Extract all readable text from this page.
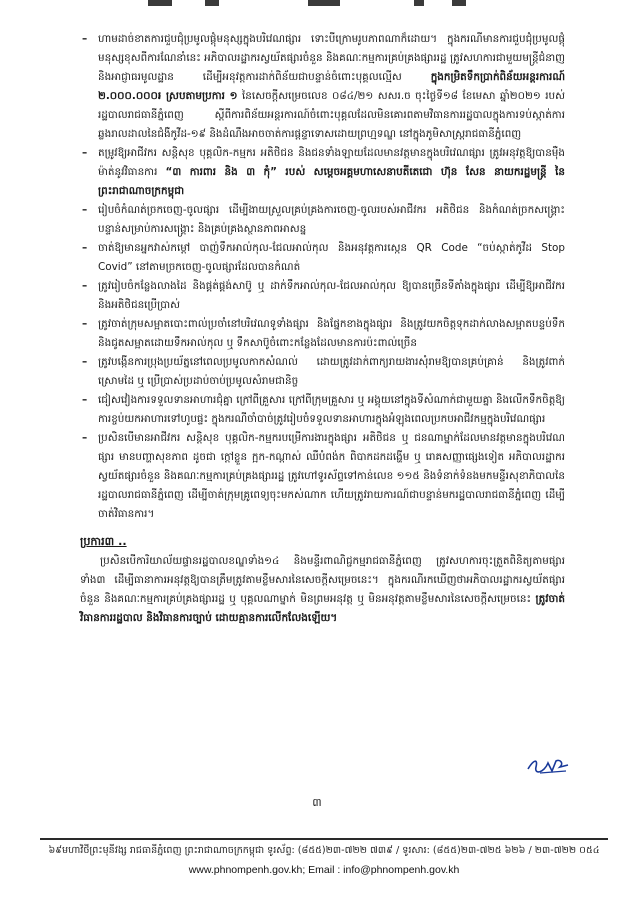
– ហាមដាច់ខាតការជួបជុំប្រមូលផ្តុំមនុស្សក្នុងបរិវេណផ្សារ ទោះបីក្រោមរូបភាពណាក៏ដោយ។ ក្នុងករណីមានការជួបជុំប្រមូលផ្តុំមនុស្សខុសពីការណែនាំនេះ អភិបាលរដ្ឋាករស្វយ័តផ្សារចំនួន និងគណៈកម្មការគ្រប់គ្រងផ្សាររដ្ឋ ត្រូវសហការជាមួយមន្ត្រីជំនាញ និងអាជ្ញាធរមូលដ្ឋាន ដើម្បីអនុវត្តការដាក់ពិន័យជាបន្ទាន់ចំពោះបុគ្គលល្មើស	ក្នុងកម្រិតទឹកប្រាក់ពិន័យអន្តរការណ៍ ២.០០០.០០០៛ ស្របតាមប្រការ ១ នៃសេចក្តីសម្រេចលេខ ០៨៤/២១ សសរ.ច ចុះថ្ងៃទី១៨ ខែមេសា ឆ្នាំ២០២១ របស់រដ្ឋបាលរាជធានីភ្នំពេញ ស្តីពីការពិន័យអន្តរការណ៍ចំពោះបុគ្គលដែលមិនគោរពតាមវិធានការរដ្ឋបាលក្នុងការទប់ស្កាត់ការឆ្លងរាលដាលនៃជំងឺកូវីដ-១៩ និងដំណឹងអាចចាត់ការផ្តន្ទាទោសដោយព្រហ្មទណ្ឌ នៅក្នុងភូមិសាស្ត្ររាជធានីភ្នំពេញ
– តម្រូវឱ្យអាជីវករ សន្តិសុខ បុគ្គលិក-កម្មករ អតិថិជន និងជនទាំងឡាយដែលមានវត្តមានក្នុងបរិវេណផ្សារ ត្រូវអនុវត្តឱ្យបានម៉ឺងម៉ាត់នូវវិធានការ “៣ ការពារ និង ៣ កុំ” របស់ សម្តេចអគ្គមហាសេនាបតីតេជោ ហ៊ុន សែន នាយករដ្ឋមន្ត្រី នៃព្រះរាជាណាចក្រកម្ពុជា
– រៀបចំកំណត់ច្រកចេញ-ចូលផ្សារ ដើម្បីងាយស្រួលគ្រប់គ្រងការចេញ-ចូលរបស់អាជីវករ អតិថិជន និងកំណត់ច្រកសង្គ្រោះបន្ទាន់សម្រាប់ការសង្គ្រោះ និងគ្រប់គ្រងស្ថានភាពអាសន្ន
– ចាត់ឱ្យមានអ្នកវាស់កម្តៅ បាញ់ទឹកអាល់កុល-ជែលអាល់កុល និងអនុវត្តការស្កេន QR Code “ចប់ស្កាត់កូវីដ Stop Covid” នៅតាមច្រកចេញ-ចូលផ្សារដែលបានកំណត់
– ត្រូវរៀបចំកន្លែងលាងដៃ និងផ្គត់ផ្គង់សាប៊ូ ឬ ដាក់ទឹកអាល់កុល-ជែលអាល់កុល ឱ្យបានច្រើនទីតាំងក្នុងផ្សារ ដើម្បីឱ្យអាជីវករ និងអតិថិជនប្រើប្រាស់
– ត្រូវចាត់ក្រុមសម្អាតបោះពាល់ប្រចាំនៅបរិវេណទូទាំងផ្សារ និងផ្នែកខាងក្នុងផ្សារ និងត្រូវយកចិត្តទុកដាក់លាងសម្អាតបន្ទប់ទឹក និងជូតសម្អាតដោយទឹកអាល់កុល ឬ ទឹកសាប៊ូចំពោះកន្លែងដែលមានការប៉ះពាល់ច្រើន
– ត្រូវបង្កើនការប្រុងប្រយ័ត្ននៅពេលប្រមូលកាកសំណល់ ដោយត្រូវដាក់ពាក្យរាយងារសុំរាមឱ្យបានគ្រប់គ្រាន់ និងត្រូវពាក់ស្រោមដៃ ឬ ប្រើប្រាស់ប្រដាប់ចាប់ប្រមូលសំរាមជានិច្ច
– ជៀសវៀងការទទួលទានអាហារជុំគ្នា ក្រៅពីគ្រួសារ ក្រៅពីក្រុមគ្រួសារ ឬ អង្គុយនៅក្នុងទីសំណាក់ជាមួយគ្នា និងលើកទឹកចិត្តឱ្យការខ្ចប់យកអាហារទៅហូបផ្ទះ ក្នុងករណីចាំបាច់ត្រូវរៀបចំទទួលទានអាហារក្នុងអំឡុងពេលប្រកបអាជីវកម្មក្នុងបរិវេណផ្សារ
– ប្រសិនបើមានអាជីវករ សន្តិសុខ បុគ្គលិក-កម្មករបម្រើការងារក្នុងផ្សារ អតិថិជន ឬ ជនណាម្នាក់ដែលមានវត្តមានក្នុងបរិវេណផ្សារ មានបញ្ហាសុខភាព ដូចជា ក្តៅខ្លួន ក្អក-កណ្តាស់ ឈឺបំពង់ក ពិបាកដកដង្ហើម ឬ រោគសញ្ញាផ្សេងទៀត អភិបាលរដ្ឋាករស្វយ័តផ្សារចំនួន និងគណៈកម្មការគ្រប់គ្រងផ្សាររដ្ឋ ត្រូវហៅទូរស័ព្ទទៅកាន់លេខ ១១៥ និងទំនាក់ទំនងមកមន្ទីរសុខាភិបាលនៃរដ្ឋបាលរាជធានីភ្នំពេញ ដើម្បីចាត់ក្រុមគ្រូពេទ្យចុះមកស់ណាក ហើយត្រូវរាយការណ៍ជាបន្ទាន់មករដ្ឋបាលរាជធានីភ្នំពេញ ដើម្បីចាត់វិធានការ។
ប្រការ៣ ..
ប្រសិនបើការិយាល័យផ្ទានរដ្ឋបាលខណ្ឌទាំង១៤ និងមន្ទីរពាណិជ្ជកម្មរាជធានីភ្នំពេញ ត្រូវសហការចុះត្រួតពិនិត្យតាមផ្សារទាំង៣ ដើម្បីធានាការអនុវត្តឱ្យបានត្រឹមត្រូវតាមខ្លឹមសារនៃសេចក្តីសម្រេចនេះ។ ក្នុងករណីរកឃើញថាអភិបាលរដ្ឋាករស្វយ័តផ្សារចំនួន និងគណៈកម្មការគ្រប់គ្រងផ្សាររដ្ឋ ឬ បុគ្គលណាម្នាក់ មិនព្រមអនុវត្ត ឬ មិនអនុវត្តតាមខ្លឹមសារនៃសេចក្តីសម្រេចនេះ ត្រូវចាត់វិធានការរដ្ឋបាល និងវិធានការច្បាប់ ដោយគ្មានការលើកលែងឡើយ។
៣
៦៩មហាវិថីព្រះមុនីវង្ស រាជធានីភ្នំពេញ ព្រះរាជាណាចក្រកម្ពុជា ទូរស័ព្ទ: (៨៥៥)២៣-៧២២ ៧៣៩ / ទូរសារ: (៨៥៥)២៣-៧២៥ ៦២៦ / ២៣-៧២២ ០៥៤
www.phnompenh.gov.kh; Email : info@phnompenh.gov.kh
